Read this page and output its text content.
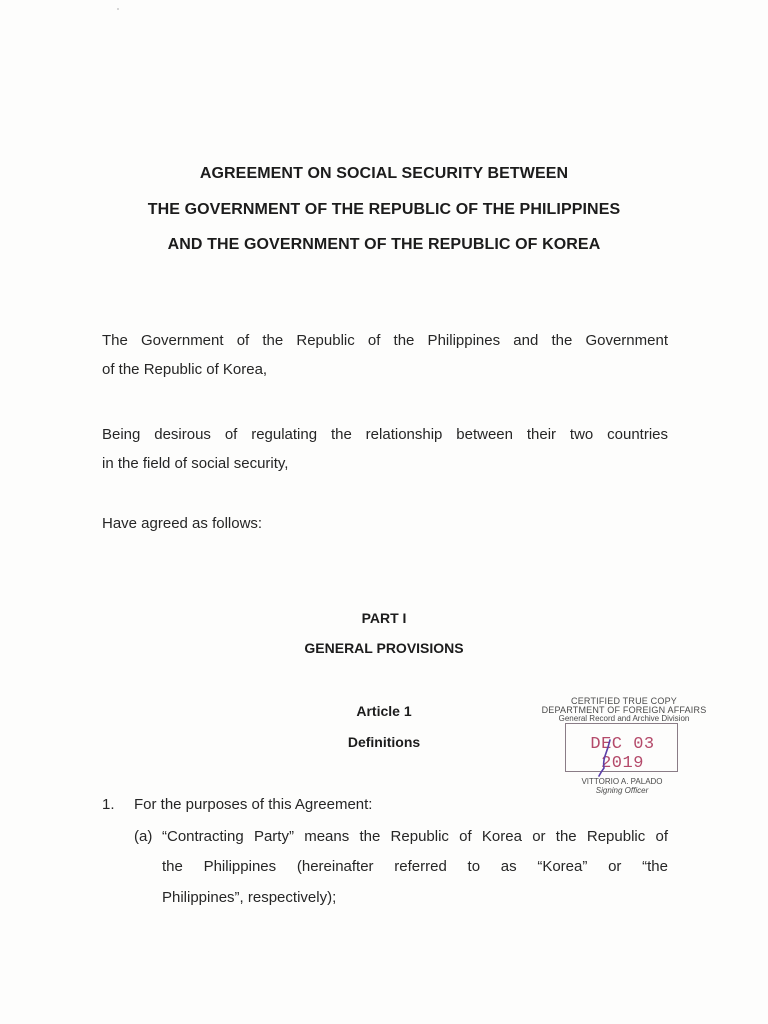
AGREEMENT ON SOCIAL SECURITY BETWEEN
THE GOVERNMENT OF THE REPUBLIC OF THE PHILIPPINES
AND THE GOVERNMENT OF THE REPUBLIC OF KOREA
The Government of the Republic of the Philippines and the Government
of the Republic of Korea,
Being desirous of regulating the relationship between their two countries
in the field of social security,
Have agreed as follows:
PART I
GENERAL PROVISIONS
Article 1
Definitions
1. For the purposes of this Agreement:
(a) “Contracting Party” means the Republic of Korea or the Republic of
the Philippines (hereinafter referred to as “Korea” or “the
Philippines”, respectively);
CERTIFIED TRUE COPY
DEPARTMENT OF FOREIGN AFFAIRS
General Record and Archive Division
DEC 03 2019
VITTORIO A. PALADO
Signing Officer
